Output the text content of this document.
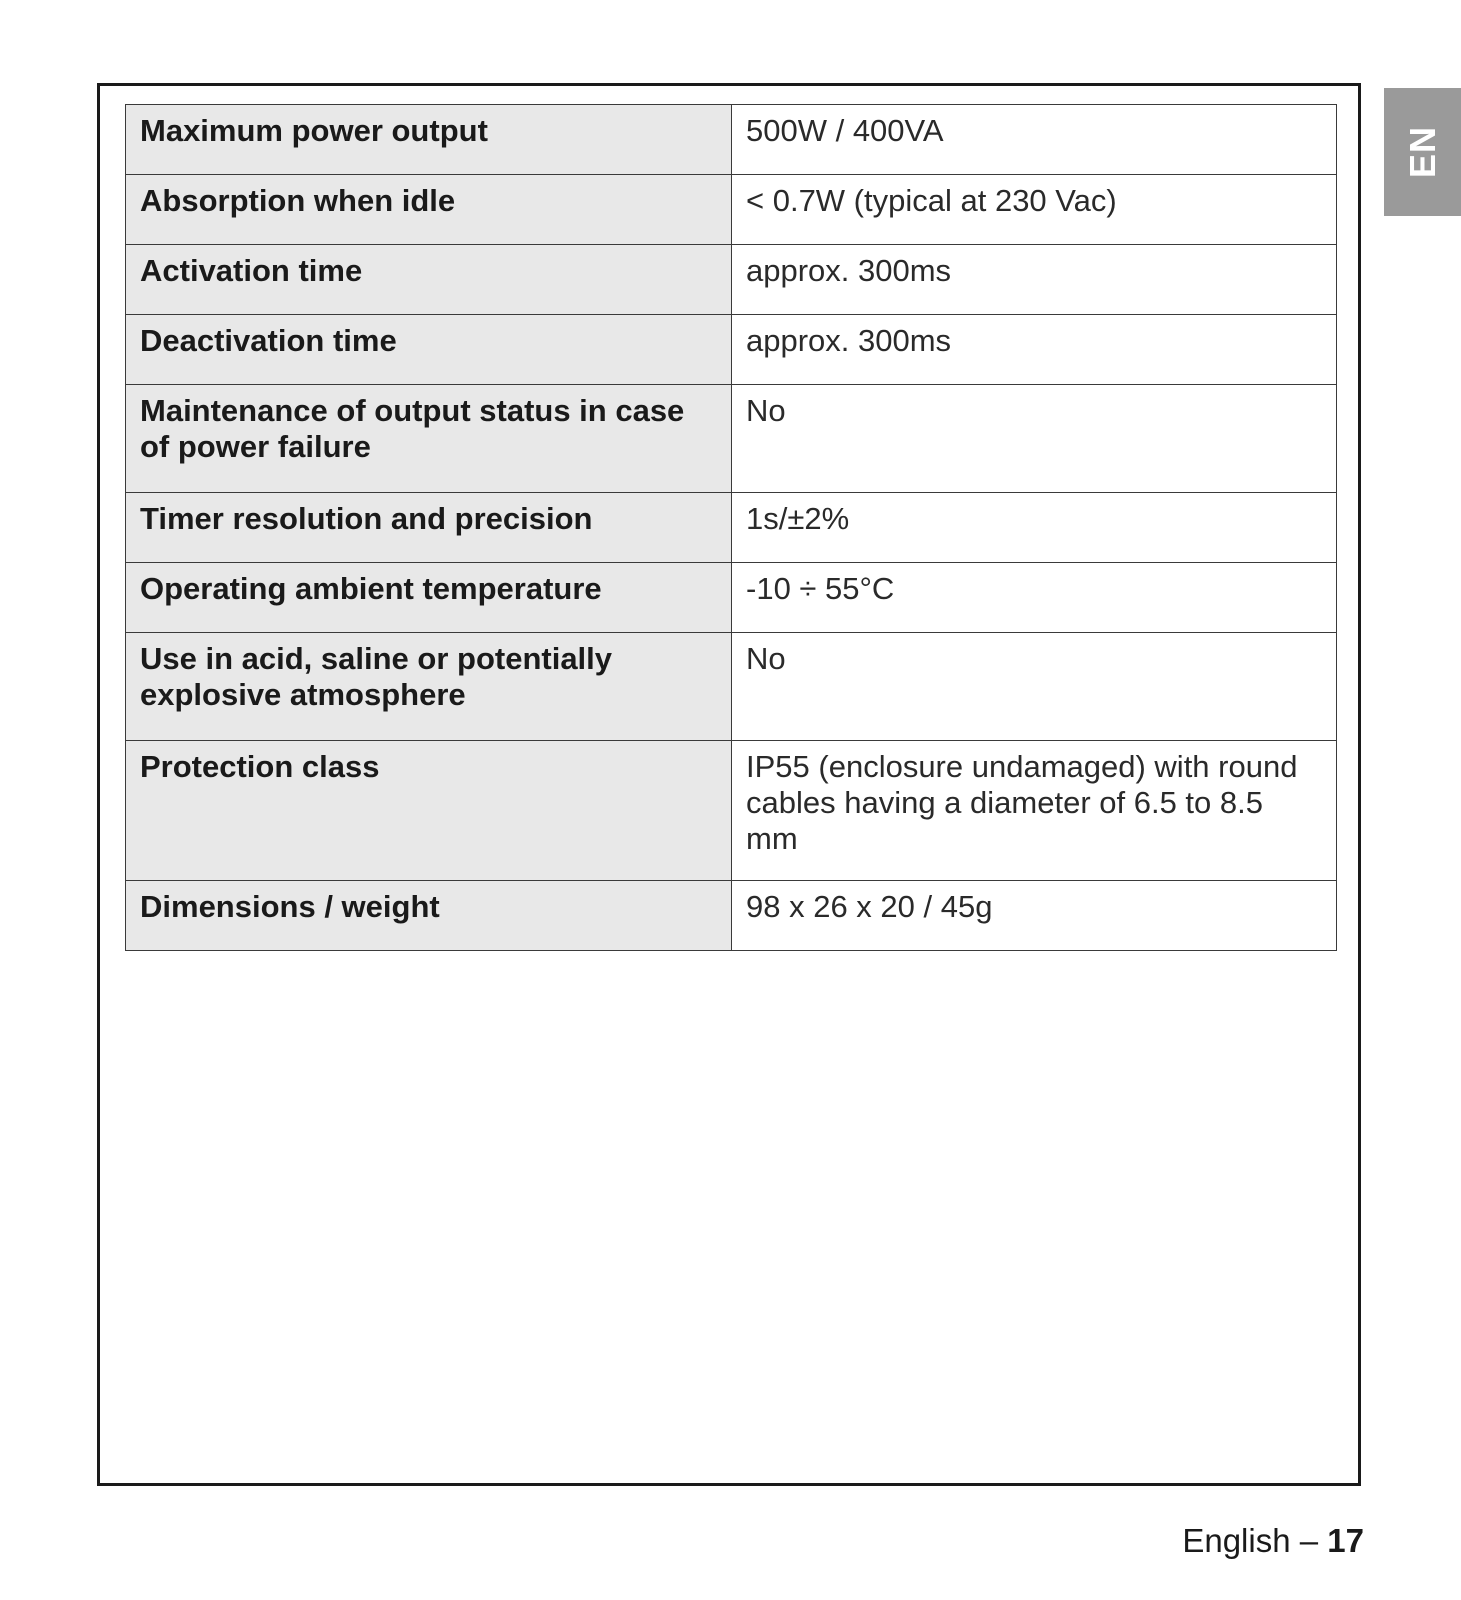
EN
Maximum power output	500W / 400VA
Absorption when idle	< 0.7W (typical at 230 Vac)
Activation time	approx. 300ms
Deactivation time	approx. 300ms
Maintenance of output status in case of power failure	No
Timer resolution and precision	1s/±2%
Operating ambient temperature	-10 ÷ 55°C
Use in acid, saline or potentially explosive atmosphere	No
Protection class	IP55 (enclosure undamaged) with round cables having a diameter of 6.5 to 8.5 mm
Dimensions / weight	98 x 26 x 20 / 45g
English – 17
